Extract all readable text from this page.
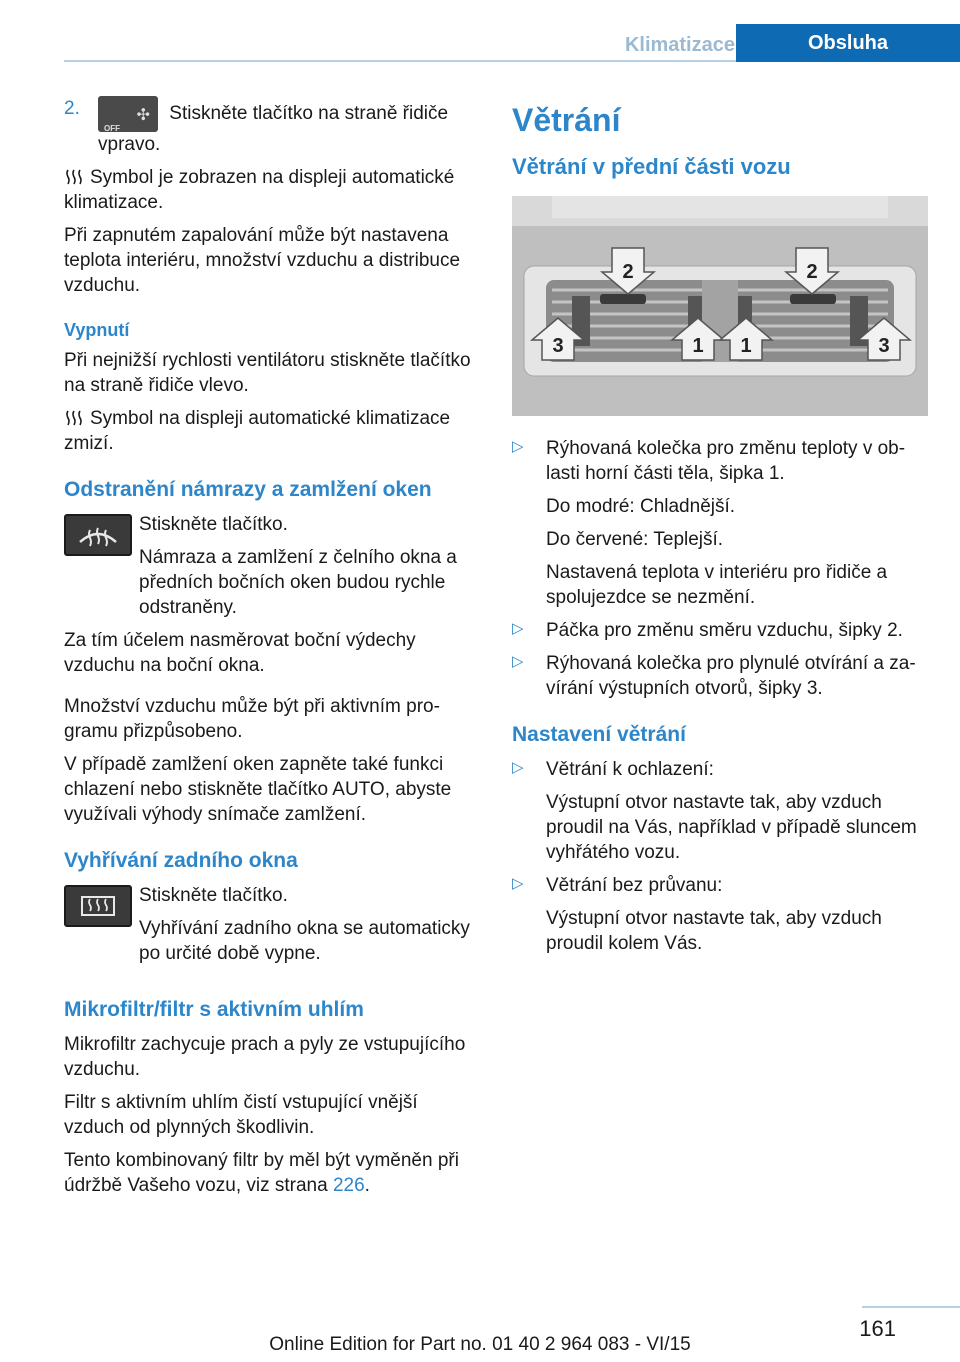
Klimatizace	Obsluha

2.
OFF
✣ Stiskněte tlačítko na straně řidiče vpravo.

Symbol je zobrazen na displeji automatické klimatizace.

Při zapnutém zapalování může být nastavena teplota interiéru, množství vzduchu a distribuce vzduchu.

Vypnutí

Při nejnižší rychlosti ventilátoru stiskněte tlačítko na straně řidiče vlevo.

Symbol na displeji automatické klimatizace zmizí.

Odstranění námrazy a zamlžení oken

Stiskněte tlačítko.

Námraza a zamlžení z čelního okna a předních bočních oken budou rychle odstraněny.

Za tím účelem nasměrovat boční výdechy vzduchu na boční okna.

Množství vzduchu může být při aktivním programu přizpůsobeno.

V případě zamlžení oken zapněte také funkci chlazení nebo stiskněte tlačítko AUTO, abyste využívali výhody snímače zamlžení.

Vyhřívání zadního okna

Stiskněte tlačítko.

Vyhřívání zadního okna se automaticky po určité době vypne.

Mikrofiltr/filtr s aktivním uhlím

Mikrofiltr zachycuje prach a pyly ze vstupujícího vzduchu.

Filtr s aktivním uhlím čistí vstupující vnější vzduch od plynných škodlivin.

Tento kombinovaný filtr by měl být vyměněn při údržbě Vašeho vozu, viz strana 226.

Větrání
Větrání v přední části vozu
2	2
3	1 1	3
▷ Rýhovaná kolečka pro změnu teploty v oblasti horní části těla, šipka 1.

Do modré: Chladnější.

Do červené: Teplejší.

Nastavená teplota v interiéru pro řidiče a spolujezdce se nezmění.

▷ Páčka pro změnu směru vzduchu, šipky 2.

▷ Rýhovaná kolečka pro plynulé otvírání a zavírání výstupních otvorů, šipky 3.

Nastavení větrání
▷ Větrání k ochlazení:

Výstupní otvor nastavte tak, aby vzduch proudil na Vás, například v případě sluncem vyhřátého vozu.

▷ Větrání bez průvanu:

Výstupní otvor nastavte tak, aby vzduch proudil kolem Vás.

161
Online Edition for Part no. 01 40 2 964 083 - VI/15
